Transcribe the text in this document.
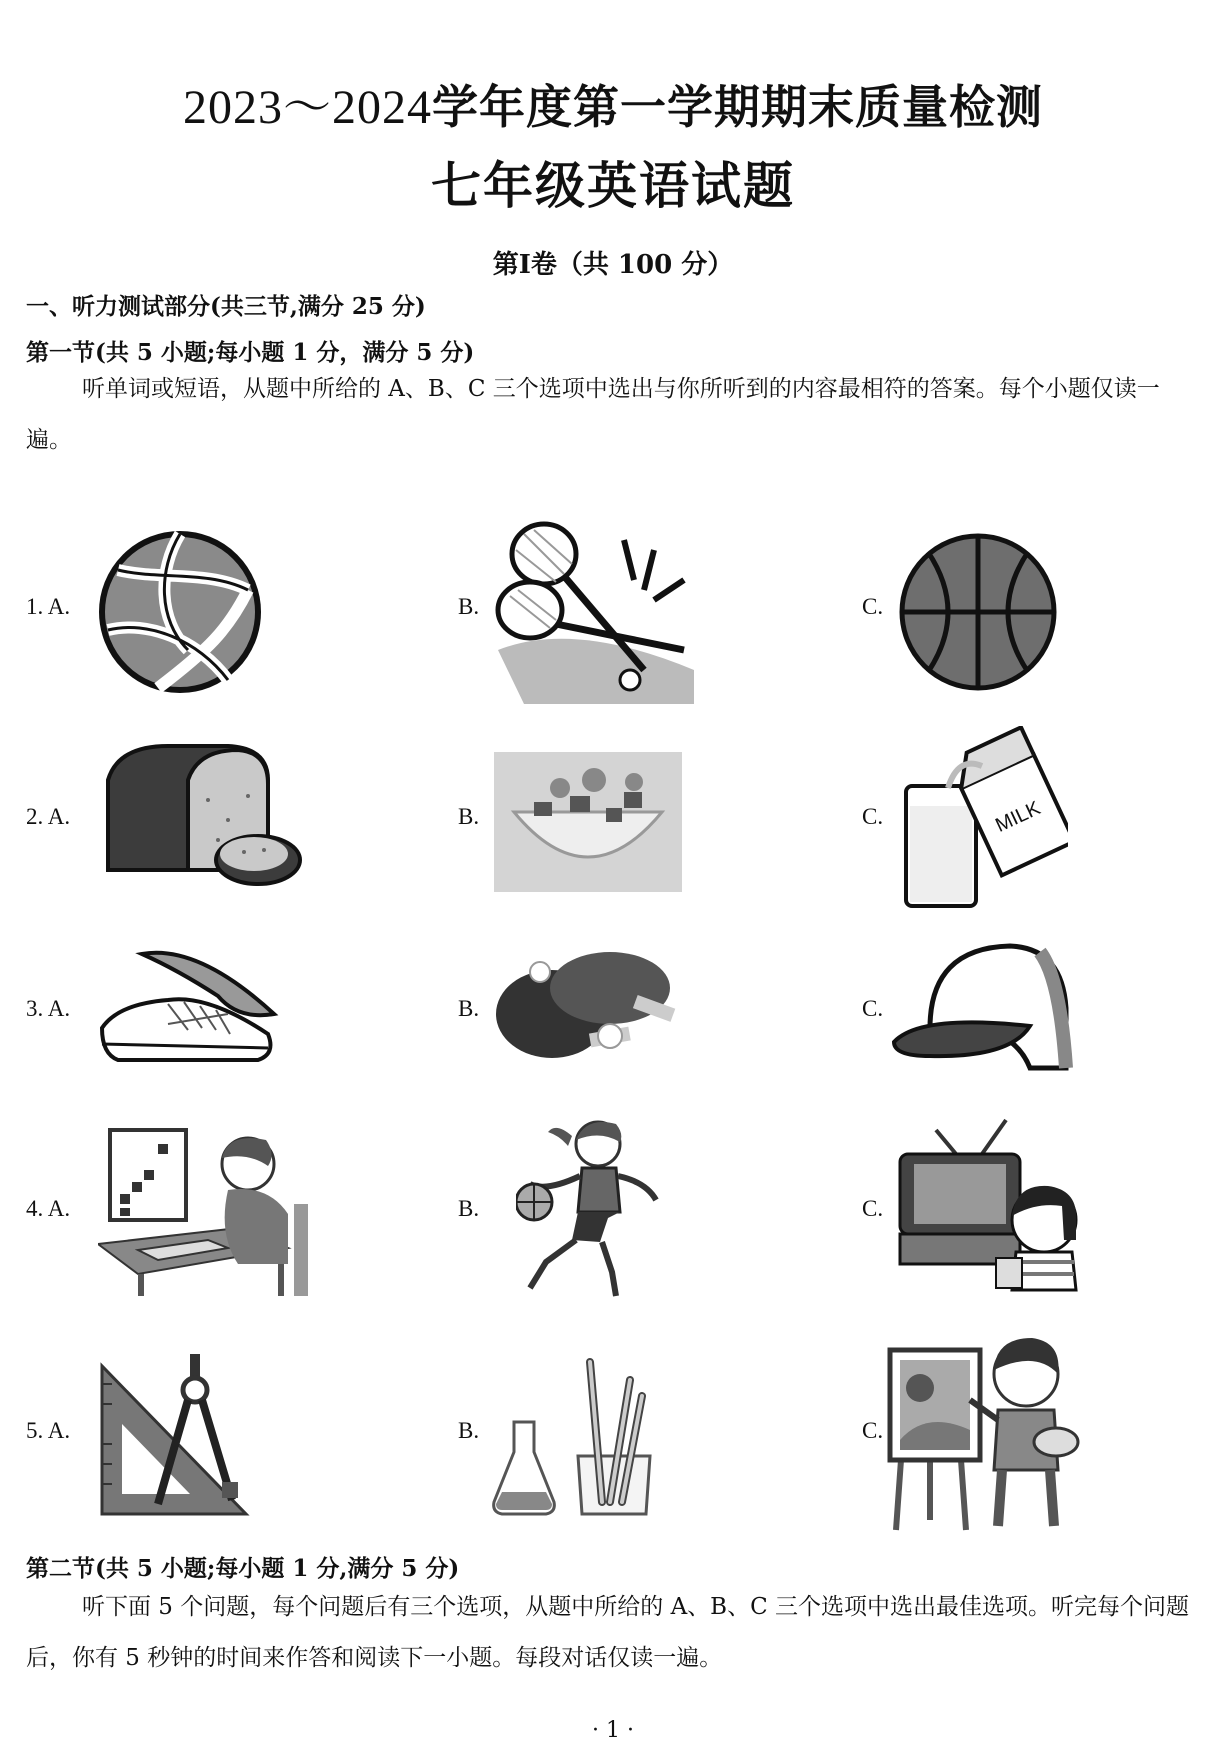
2023～2024学年度第一学期期末质量检测
七年级英语试题
第Ⅰ卷（共 100 分）
一、听力测试部分(共三节,满分 25 分)
第一节(共 5 小题;每小题 1 分，满分 5 分)
听单词或短语，从题中所给的 A、B、C 三个选项中选出与你所听到的内容最相符的答案。每个小题仅读一遍。
1. A.	B.	C.
2. A.	B.	C.	MILK
3. A.	B.	C.
4. A.	B.	C.
5. A.	B.	C.
第二节(共 5 小题;每小题 1 分,满分 5 分)
听下面 5 个问题，每个问题后有三个选项，从题中所给的 A、B、C 三个选项中选出最佳选项。听完每个问题后，你有 5 秒钟的时间来作答和阅读下一小题。每段对话仅读一遍。
· 1 ·
